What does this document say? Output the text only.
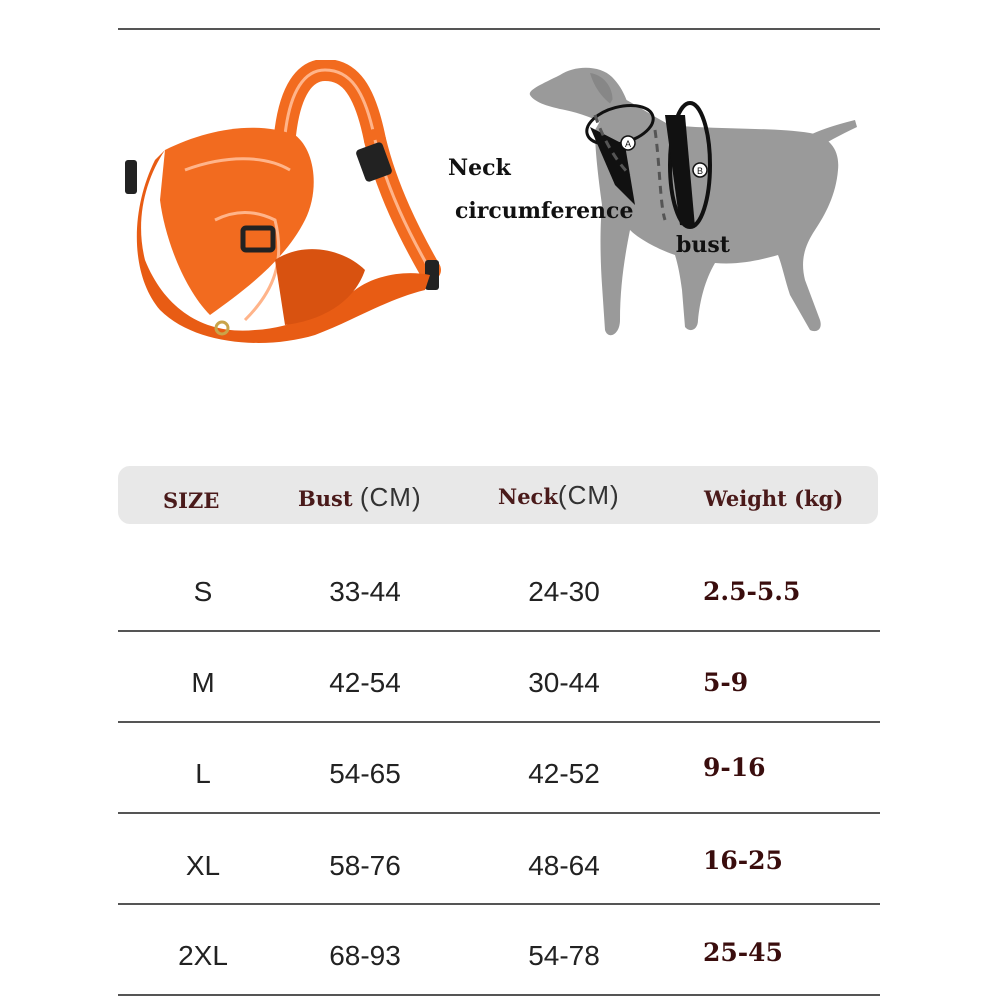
A
B
Neck
circumference
bust
SIZE	Bust (CM)	Neck(CM)	Weight (kg)
S	33-44	24-30	2.5-5.5
M	42-54	30-44	5-9
L	54-65	42-52	9-16
XL	58-76	48-64	16-25
2XL	68-93	54-78	25-45
